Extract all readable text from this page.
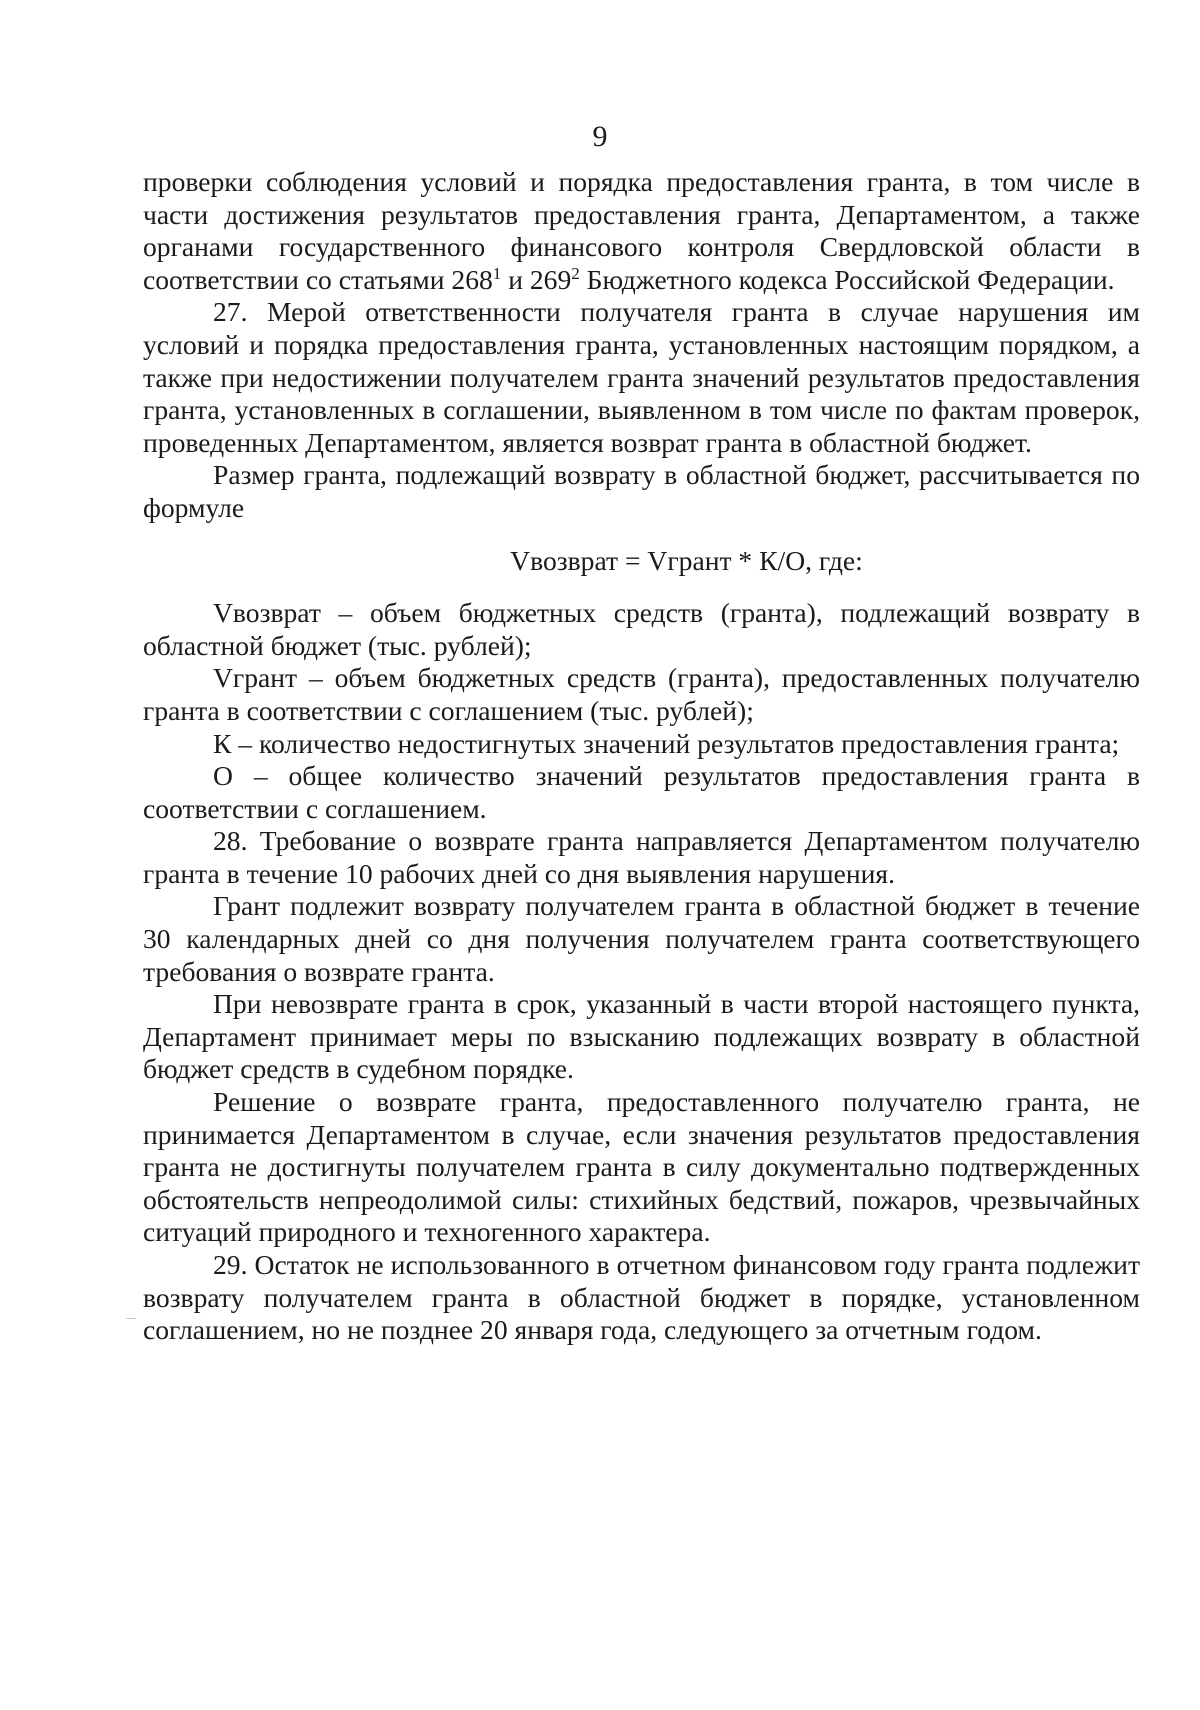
9

проверки соблюдения условий и порядка предоставления гранта, в том числе в части достижения результатов предоставления гранта, Департаментом, а также органами государственного финансового контроля Свердловской области в соответствии со статьями $268^1$ и $269^2$ Бюджетного кодекса Российской Федерации.

27. Мерой ответственности получателя гранта в случае нарушения им условий и порядка предоставления гранта, установленных настоящим порядком, а также при недостижении получателем гранта значений результатов предоставления гранта, установленных в соглашении, выявленном в том числе по фактам проверок, проведенных Департаментом, является возврат гранта в областной бюджет.

Размер гранта, подлежащий возврату в областной бюджет, рассчитывается по формуле

Vвозврат = Vгрант * К/О, где:

Vвозврат – объем бюджетных средств (гранта), подлежащий возврату в областной бюджет (тыс. рублей);

Vгрант – объем бюджетных средств (гранта), предоставленных получателю гранта в соответствии с соглашением (тыс. рублей);

К – количество недостигнутых значений результатов предоставления гранта;

О – общее количество значений результатов предоставления гранта в соответствии с соглашением.

28. Требование о возврате гранта направляется Департаментом получателю гранта в течение 10 рабочих дней со дня выявления нарушения.

Грант подлежит возврату получателем гранта в областной бюджет в течение 30 календарных дней со дня получения получателем гранта соответствующего требования о возврате гранта.

При невозврате гранта в срок, указанный в части второй настоящего пункта, Департамент принимает меры по взысканию подлежащих возврату в областной бюджет средств в судебном порядке.

Решение о возврате гранта, предоставленного получателю гранта, не принимается Департаментом в случае, если значения результатов предоставления гранта не достигнуты получателем гранта в силу документально подтвержденных обстоятельств непреодолимой силы: стихийных бедствий, пожаров, чрезвычайных ситуаций природного и техногенного характера.

29. Остаток не использованного в отчетном финансовом году гранта подлежит возврату получателем гранта в областной бюджет в порядке, установленном соглашением, но не позднее 20 января года, следующего за отчетным годом.
